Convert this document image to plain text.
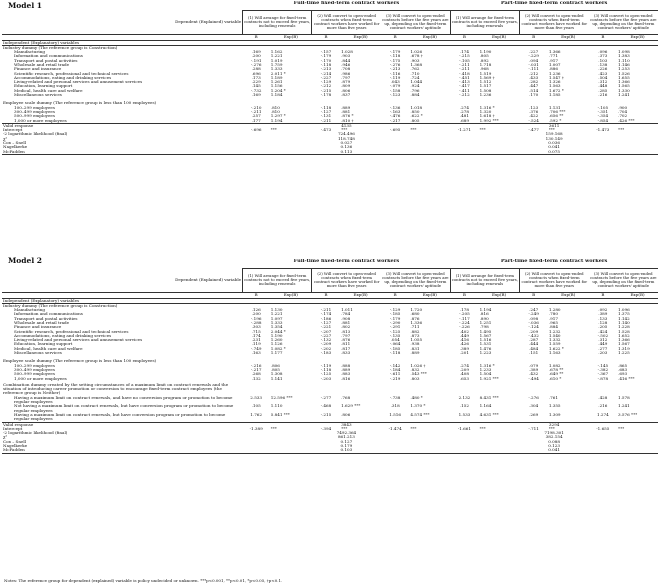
Model 1
		Full-time fixed-term contract workers						Part-time fixed-term contract workers					
Dependent (Explained) variable	(1) Will arrange for fixed-term contracts not to exceed five years, including renewals		(2) Will convert to open-ended contracts when fixed-term contract workers have worked for more than five years		(3) Will convert to open-ended contracts before the five years are up, depending on the fixed-term contract workers' aptitude		(1) Will arrange for fixed-term contracts not to exceed five years, including renewals		(2) Will convert to open-ended contracts when fixed-term contract workers have worked for more than five years		(3) Will convert to open-ended contracts before the five years are up, depending on the fixed-term contract workers' aptitude	
	B	Exp(B)	B	Exp(B)	B	Exp(B)	B	Exp(B)	B	Exp(B)	B	Exp(B)
Independent (Explanatory) variables												
Industry dummy (The reference group is Construction)												
Manufacturing	.169	1.162	-.157	1.028	-.179	1.026	.174	1.190	.227	1.366	.096	1.098
Information and communications	.200	1.221	-.179	.903	-.118	.678 †	-.215	.805	-.229	.771	.373	1.383
Transport and postal activities	-.191	1.019	-.170	.844	-.175	.903	-.105	.892	.094	.917	.103	1.110
Wholesale and retail trade	-.276	1.759	-.118	.946	-.276	1.368	-.211	1.718	-.031	1.007	.138	1.146
Finance and insurance	.288	1.333	-.213	.708	-.213	.762	-.211	.968	-.111	.886	.226	1.253
Scientific research, professional and technical services	.696	2.011 *	-.214	.986	-.116	.710	-.418	1.519	.212	1.236	.423	1.526
Accommodations, eating and drinking services	.173	1.189	-.227	.797	-.119	.724	-.451	1.569 †	.433	1.547 †	.504	1.655
Living-related and personal services and amusement services	.229	1.261	-.129	.879	.043	1.044	-.413	1.512	.282	1.326	.312	1.366
Education, learning support	.145	1.156	-.212	.809	-.079	.924	-.417	1.517	.447	1.563	.448	1.565
Medical, health care and welfare	-.732	1.204 *	-.215	.806	-.158	.796	-.411	1.508	.514	1.672 *	.285	1.330
Miscellaneous services	.169	1.184	-.178	.837	-.123	.884	-.212	1.236	.170	1.185	.216	1.241

Employee scale dummy (The reference group is less than 100 employees)												
100–299 employees	-.210	.810	-.118	.889	-.136	1.018	.274	1.316 *	.123	1.131	-.105	.900
300–499 employees	-.211	.810	-.127	.881	-.163	.850	.278	1.320	.376	.706 ***	-.351	.704
500–999 employees	.257	1.297 *	-.131	.876 *	-.476	.622 *	.481	1.618 †	.422	.656 **	-.354	.702
1,000 or more employees	.177	1.194	-.211	.810 †	-.217	.805	.689	1.992 ***	-.524	.592 *	-.854	.426 ***
Valid response	4135						3611					
Intercept	-.696	***	-.473	***	-.695	***	-1.271	***	-.477	***	-1.473	***
-2 logarithmic likelihood (final)	724.496						159.168					
χ²	118.748						130.149					
Cox – Snell	0.027						0.036					
Nagelkerke	0.136						0.041					
McFadden	0.113						0.075					
Model 2
		Full-time fixed-term contract workers						Part-time fixed-term contract workers					
Dependent (Explained) variable	(1) Will arrange for fixed-term contracts not to exceed five years, including renewals		(2) Will convert to open-ended contracts when fixed-term contract workers have worked for more than five years		(3) Will convert to open-ended contracts before the five years are up, depending on the fixed-term contract workers' aptitude		(1) Will arrange for fixed-term contracts not to exceed five years, including renewals		(2) Will convert to open-ended contracts when fixed-term contract workers have worked for more than five years		(3) Will convert to open-ended contracts before the five years are up, depending on the fixed-term contract workers' aptitude	
	B	Exp(B)	B	Exp(B)	B	Exp(B)	B	Exp(B)	B	Exp(B)	B	Exp(B)
Independent (Explanatory) variables												
Industry dummy (The reference group is Construction)												
Manufacturing	.126	1.130	-.211	1.011	-.129	1.720	.178	1.194	.247	1.280	.092	1.096
Information and communications	.200	1.221	-.174	.784	-.185	.680	-.205	.816	-.249	.780	.389	1.375
Transport and postal activities	-.196	1.097	-.186	.908	-.179	.876	-.117	.890	.098	.917	.133	1.142
Wholesale and retail trade	-.288	1.333	-.127	.881	-.290	1.336	-.224	1.251	-.036	.965	.128	1.140
Finance and insurance	.303	1.354	-.221	.802	-.291	.711	-.226	.798	-.124	.884	.205	1.228
Scientific research, professional and technical services	.715	2.044 *	-.207	.813	-.125	.882	.402	1.495	.209	1.232	.424	1.528
Accommodations, eating and drinking services	.174	1.190	-.227	.797	-.135	.873	.449	1.567	-.432	1.540	-.502	1.652
Living-related and personal services and amusement services	.231	1.260	-.132	.876	.054	1.055	.416	1.516	.287	1.332	.312	1.366
Education, learning support	.119	1.126	-.209	.811	-.064	.938	.426	1.531	.444	1.559	.449	1.567
Medical, health care and welfare	-.749	1.082 *	-.202	.817	-.185	.831	.389	1.476	.484	1.622 *	.277	1.319
Miscellaneous services	.163	1.177	-.183	.833	-.118	.889	.201	1.223	.151	1.163	.203	1.225

Employee scale dummy (The reference group is less than 100 employees)												
100–299 employees	-.216	.806	-.119	.888	-.142	1.026 †	.274	1.316 *	.079	1.082	-.145	.865
300–499 employees	-.217	.805	-.118	.889	-.184	.832	.209	1.233	.389	.678 **	-.382	.683
500–999 employees	.268	1.308	-.125	.883	-.611	.543 ***	.408	1.504	.432	.649 **	-.367	.693
1,000 or more employees	.132	1.141	-.203	.816	-.219	.803	.653	1.921 ***	-.494	.610 *	-.878	.416 ***

Combination dummy created by the setting circumstances of a maximum limit on contract renewals and the situation of introducing career promotion or conversion to encourage fixed-term contract employees (the reference group is Neither)												
Having a maximum limit on contract renewals, and have no conversion program or promotion to become regular employees	2.533	12.596 ***	-.277	.768	-.738	.480 *	2.132	8.431 ***	-.276	.761	.428	1.578
Not having a maximum limit on contract renewals, but have conversion program or promotion to become regular employees	.105	1.110	-.468	1.629 ***	.318	1.370 *	.152	1.164	.304	1.355	.216	1.241
Having a maximum limit on contract renewals, but have conversion program or promotion to become regular employees	1.762	5.841 ***	-.215	.806	1.516	4.574 ***	1.533	4.631 ***	.269	1.309	1.274	3.576 ***
Valid response	3843						3294					
Intercept	-1.389	***	-.394	***	-1.474	***	-1.661	***	-.711	***	-1.655	***
-2 logarithmic likelihood (final)	7492.364						7198.301					
χ²	861.213						382.154					
Cox – Snell	0.127						0.088					
Nagelkerke	0.179						0.123					
McFadden	0.103						0.041					
Notes: The reference group for dependent (explained) variable is policy undecided or unknown. ***p<0.001, **p<0.01, *p<0.05, †p<0.1.
